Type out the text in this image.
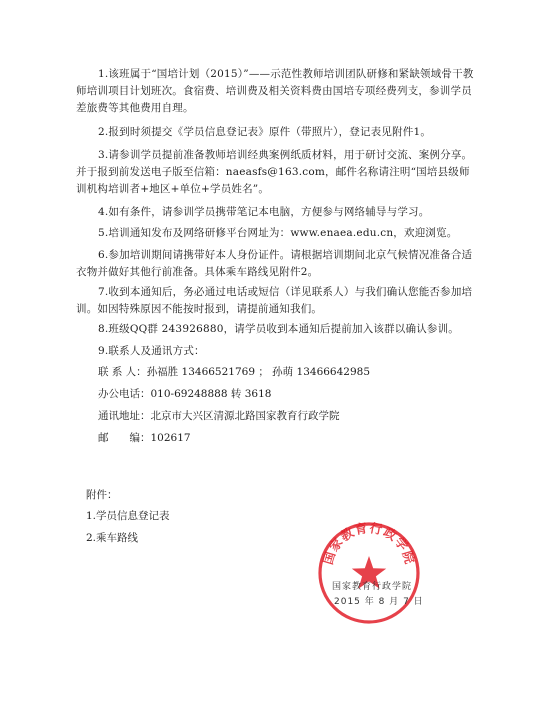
1.该班属于“国培计划（2015）”——示范性教师培训团队研修和紧缺领域骨干教师培训项目计划班次。食宿费、培训费及相关资料费由国培专项经费列支，参训学员差旅费等其他费用自理。

2.报到时须提交《学员信息登记表》原件（带照片），登记表见附件1。

3.请参训学员提前准备教师培训经典案例纸质材料，用于研讨交流、案例分享。并于报到前发送电子版至信箱：naeasfs@163.com，邮件名称请注明“国培县级师训机构培训者+地区+单位+学员姓名”。

4.如有条件，请参训学员携带笔记本电脑，方便参与网络辅导与学习。

5.培训通知发布及网络研修平台网址为：www.enaea.edu.cn，欢迎浏览。

6.参加培训期间请携带好本人身份证件。请根据培训期间北京气候情况准备合适衣物并做好其他行前准备。具体乘车路线见附件2。

7.收到本通知后，务必通过电话或短信（详见联系人）与我们确认您能否参加培训。如因特殊原因不能按时报到，请提前通知我们。

8.班级QQ群 243926880，请学员收到本通知后提前加入该群以确认参训。

9.联系人及通讯方式：

联 系 人：孙福胜 13466521769 ； 孙萌 13466642985
办公电话：010-69248888 转 3618
通讯地址：北京市大兴区清源北路国家教育行政学院
邮　　编：102617
附件：
1.学员信息登记表
2.乘车路线
国家教育行政学院
国家教育行政学院
2015 年 8 月 7 日
